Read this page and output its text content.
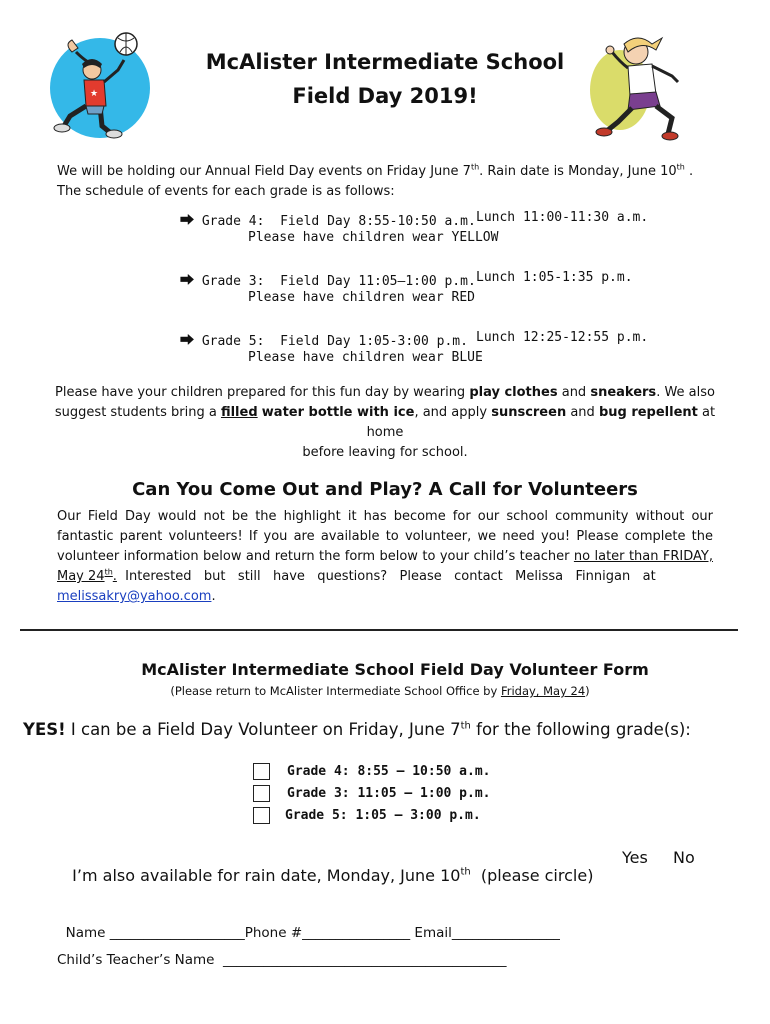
★
McAlister Intermediate School
Field Day 2019!
We will be holding our Annual Field Day events on Friday June 7th. Rain date is Monday, June 10th .
The schedule of events for each grade is as follows:
⮕ Grade 4: Field Day 8:55-10:50 a.m. Lunch 11:00-11:30 a.m.
Please have children wear YELLOW
⮕ Grade 3: Field Day 11:05–1:00 p.m. Lunch 1:05-1:35 p.m.
Please have children wear RED
⮕ Grade 5: Field Day 1:05-3:00 p.m. Lunch 12:25-12:55 p.m.
Please have children wear BLUE
Please have your children prepared for this fun day by wearing play clothes and sneakers. We also
suggest students bring a filled water bottle with ice, and apply sunscreen and bug repellent at home
before leaving for school.
Can You Come Out and Play? A Call for Volunteers
Our Field Day would not be the highlight it has become for our school community without our
fantastic parent volunteers! If you are available to volunteer, we need you! Please complete the
volunteer information below and return the form below to your child’s teacher no later than FRIDAY,
May 24th.  Interested   but   still   have   questions?   Please   contact   Melissa   Finnigan   at
melissakry@yahoo.com.
McAlister Intermediate School Field Day Volunteer Form
(Please return to McAlister Intermediate School Office by Friday, May 24)
YES! I can be a Field Day Volunteer on Friday, June 7th for the following grade(s):
Grade 4: 8:55 – 10:50 a.m.
Grade 3: 11:05 – 1:00 p.m.
Grade 5: 1:05 – 3:00 p.m.

I’m also available for rain date, Monday, June 10th  (please circle)

Yes No

Name ____________________Phone #________________ Email________________

Child’s Teacher’s Name  __________________________________________
